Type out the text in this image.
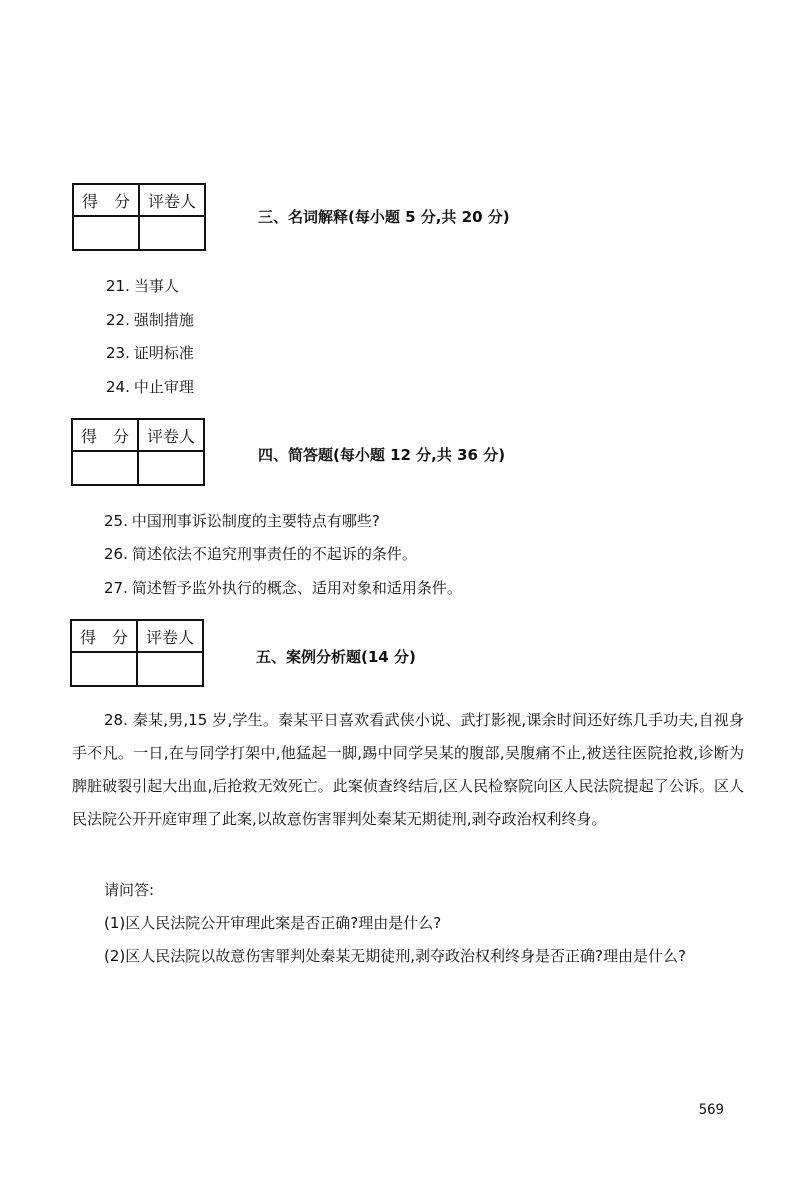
得　分	评卷人

三、名词解释(每小题 5 分,共 20 分)
21. 当事人
22. 强制措施
23. 证明标准
24. 中止审理
得　分	评卷人

四、简答题(每小题 12 分,共 36 分)
25. 中国刑事诉讼制度的主要特点有哪些?
26. 简述依法不追究刑事责任的不起诉的条件。
27. 简述暂予监外执行的概念、适用对象和适用条件。
得　分	评卷人

五、案例分析题(14 分)
28. 秦某,男,15 岁,学生。秦某平日喜欢看武侠小说、武打影视,课余时间还好练几手功夫,自视身手不凡。一日,在与同学打架中,他猛起一脚,踢中同学吴某的腹部,吴腹痛不止,被送往医院抢救,诊断为脾脏破裂引起大出血,后抢救无效死亡。此案侦查终结后,区人民检察院向区人民法院提起了公诉。区人民法院公开开庭审理了此案,以故意伤害罪判处秦某无期徒刑,剥夺政治权利终身。
请问答:
(1)区人民法院公开审理此案是否正确?理由是什么?
(2)区人民法院以故意伤害罪判处秦某无期徒刑,剥夺政治权利终身是否正确?理由是什么?
569
